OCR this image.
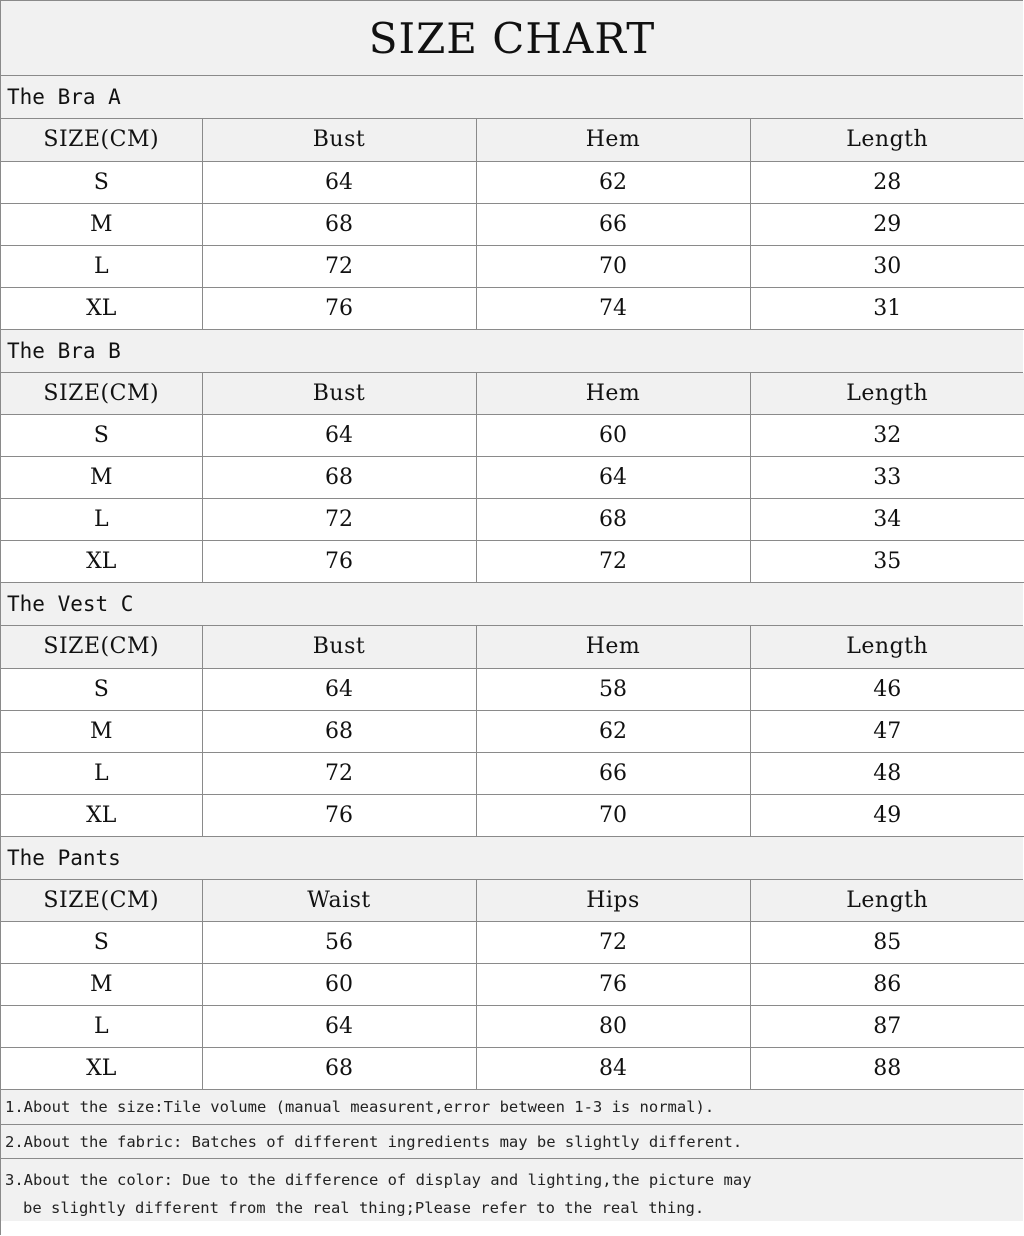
SIZE CHART
The Bra A
SIZE(CM)	Bust	Hem	Length
S	64	62	28
M	68	66	29
L	72	70	30
XL	76	74	31
The Bra B
SIZE(CM)	Bust	Hem	Length
S	64	60	32
M	68	64	33
L	72	68	34
XL	76	72	35
The Vest C
SIZE(CM)	Bust	Hem	Length
S	64	58	46
M	68	62	47
L	72	66	48
XL	76	70	49
The Pants
SIZE(CM)	Waist	Hips	Length
S	56	72	85
M	60	76	86
L	64	80	87
XL	68	84	88
1.About the size:Tile volume (manual measurent,error between 1-3 is normal).
2.About the fabric: Batches of different ingredients may be slightly different.
3.About the color: Due to the difference of display and lighting,the picture may
be slightly different from the real thing;Please refer to the real thing.
